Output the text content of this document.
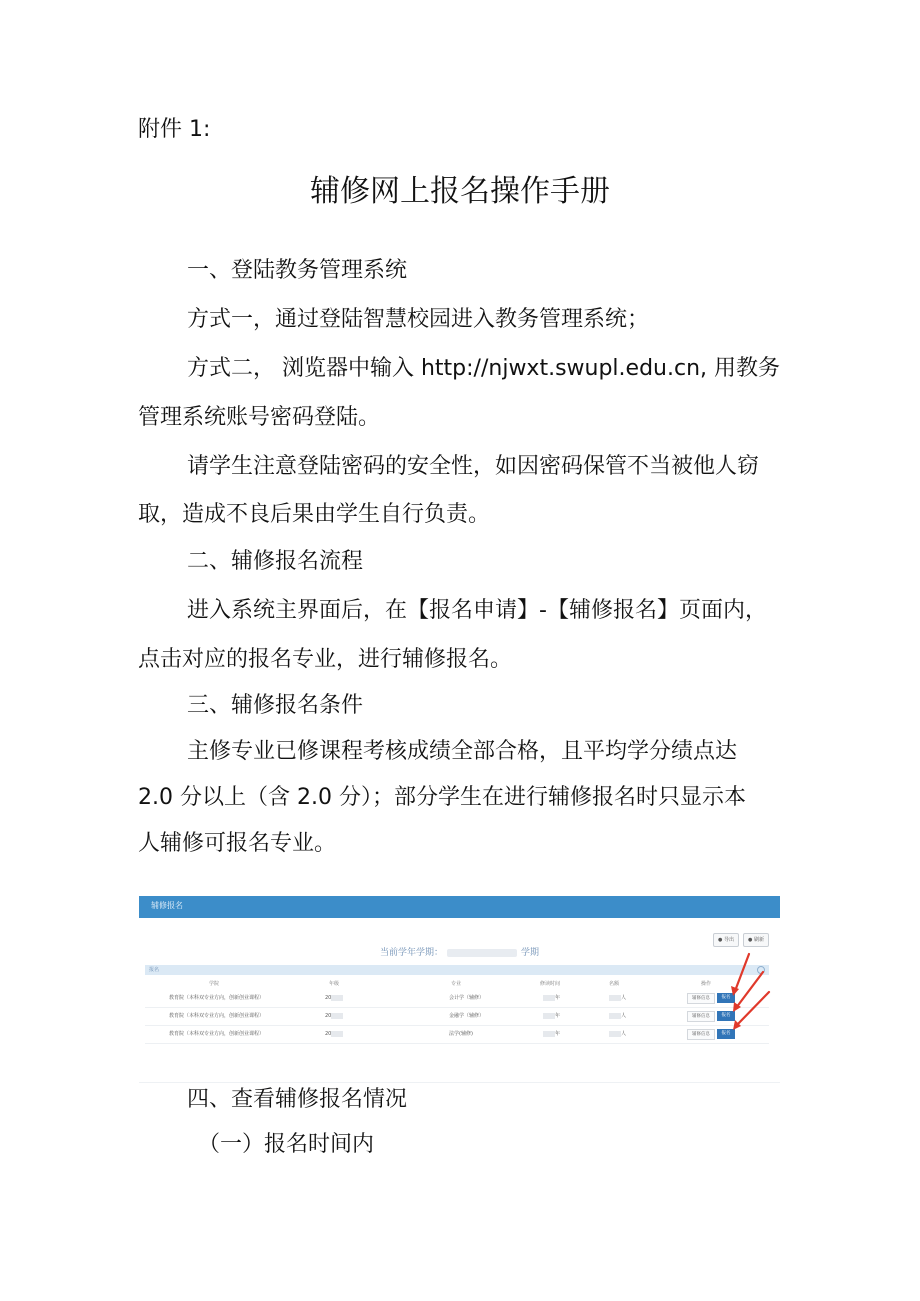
附件 1:
辅修网上报名操作手册
一、登陆教务管理系统
方式一，通过登陆智慧校园进入教务管理系统；
方式二， 浏览器中输入 http://njwxt.swupl.edu.cn, 用教务
管理系统账号密码登陆。
请学生注意登陆密码的安全性，如因密码保管不当被他人窃
取，造成不良后果由学生自行负责。
二、辅修报名流程
进入系统主界面后，在【报名申请】-【辅修报名】页面内，
点击对应的报名专业，进行辅修报名。
三、辅修报名条件
主修专业已修课程考核成绩全部合格，且平均学分绩点达
2.0 分以上（含 2.0 分）；部分学生在进行辅修报名时只显示本
人辅修可报名专业。
辅修报名
● 导出	● 刷新
当前学年学期：	学期
报名
学院	年级	专业	修读时间	名额	操作
教育院（本科双专业方向，创新创业课程）	20	会计学（辅修）	年	人	辅修信息	报名
教育院（本科双专业方向，创新创业课程）	20	金融学（辅修）	年	人	辅修信息	报名
教育院（本科双专业方向，创新创业课程）	20	法学(辅修)	年	人	辅修信息	报名
四、查看辅修报名情况
（一）报名时间内
